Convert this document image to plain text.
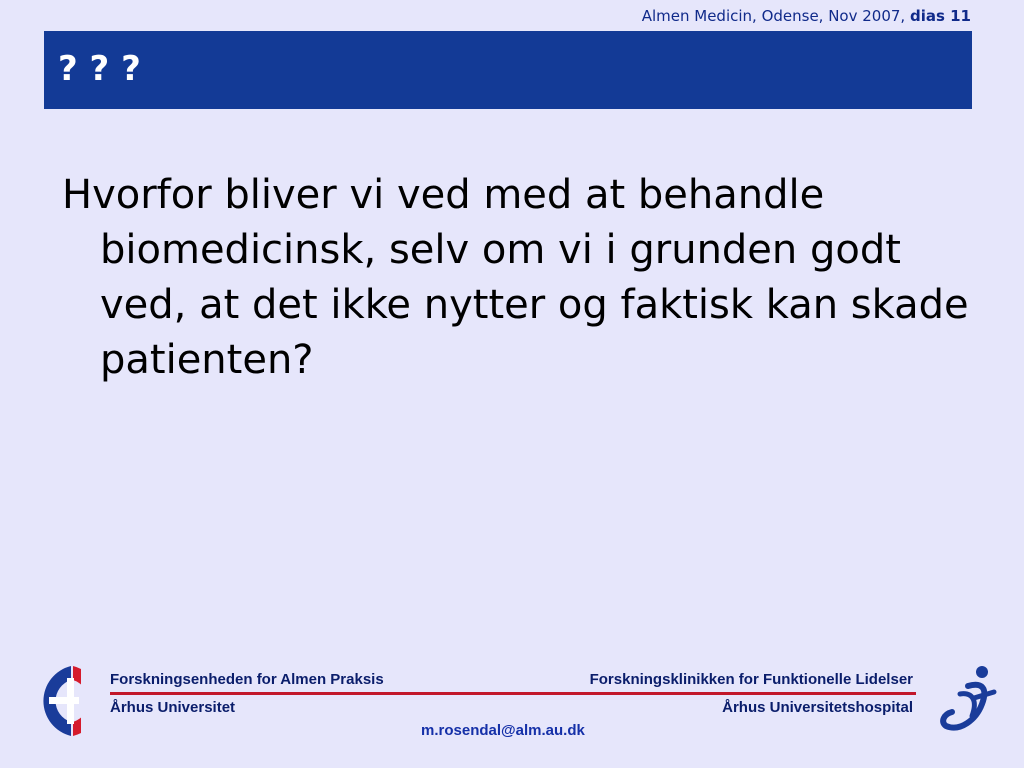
Almen Medicin, Odense, Nov 2007, dias 11
? ? ?
Hvorfor bliver vi ved med at behandle biomedicinsk, selv om vi i grunden godt ved, at det ikke nytter og faktisk kan skade patienten?
Forskningsenheden for Almen Praksis
Århus Universitet
Forskningsklinikken for Funktionelle Lidelser
Århus Universitetshospital
m.rosendal@alm.au.dk
